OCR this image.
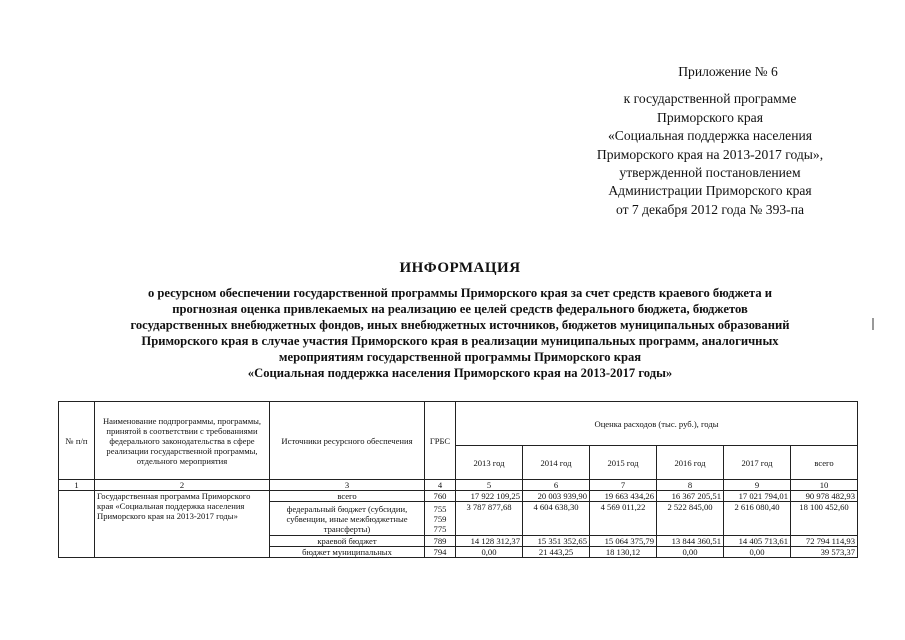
Приложение № 6
к государственной программе
Приморского края
«Социальная поддержка населения
Приморского края на 2013-2017 годы»,
утвержденной постановлением
Администрации Приморского края
от 7 декабря 2012 года № 393-па
ИНФОРМАЦИЯ
о ресурсном обеспечении государственной программы Приморского края за счет средств краевого бюджета и
прогнозная оценка привлекаемых на реализацию ее целей средств федерального бюджета, бюджетов
государственных внебюджетных фондов, иных внебюджетных источников, бюджетов муниципальных образований
Приморского края в случае участия Приморского края в реализации муниципальных программ, аналогичных
мероприятиям государственной программы Приморского края
«Социальная поддержка населения Приморского края на 2013-2017 годы»
№ п/п	Наименование подпрограммы, программы, принятой в соответствии с требованиями федерального законодательства в сфере реализации государственной программы, отдельного мероприятия	Источники ресурсного обеспечения	ГРБС	Оценка расходов (тыс. руб.), годы					
				2013 год	2014 год	2015 год	2016 год	2017 год	всего
1	2	3	4	5	6	7	8	9	10
	Государственная программа Приморского края «Социальная поддержка населения Приморского края на 2013-2017 годы»	всего	760	17 922 109,25	20 003 939,90	19 663 434,26	16 367 205,51	17 021 794,01	90 978 482,93
		федеральный бюджет (субсидии, субвенции, иные межбюджетные трансферты)	755 759 775	3 787 877,68	4 604 638,30	4 569 011,22	2 522 845,00	2 616 080,40	18 100 452,60
		краевой бюджет	789	14 128 312,37	15 351 352,65	15 064 375,79	13 844 360,51	14 405 713,61	72 794 114,93
		бюджет муниципальных	794	0,00	21 443,25	18 130,12	0,00	0,00	39 573,37
